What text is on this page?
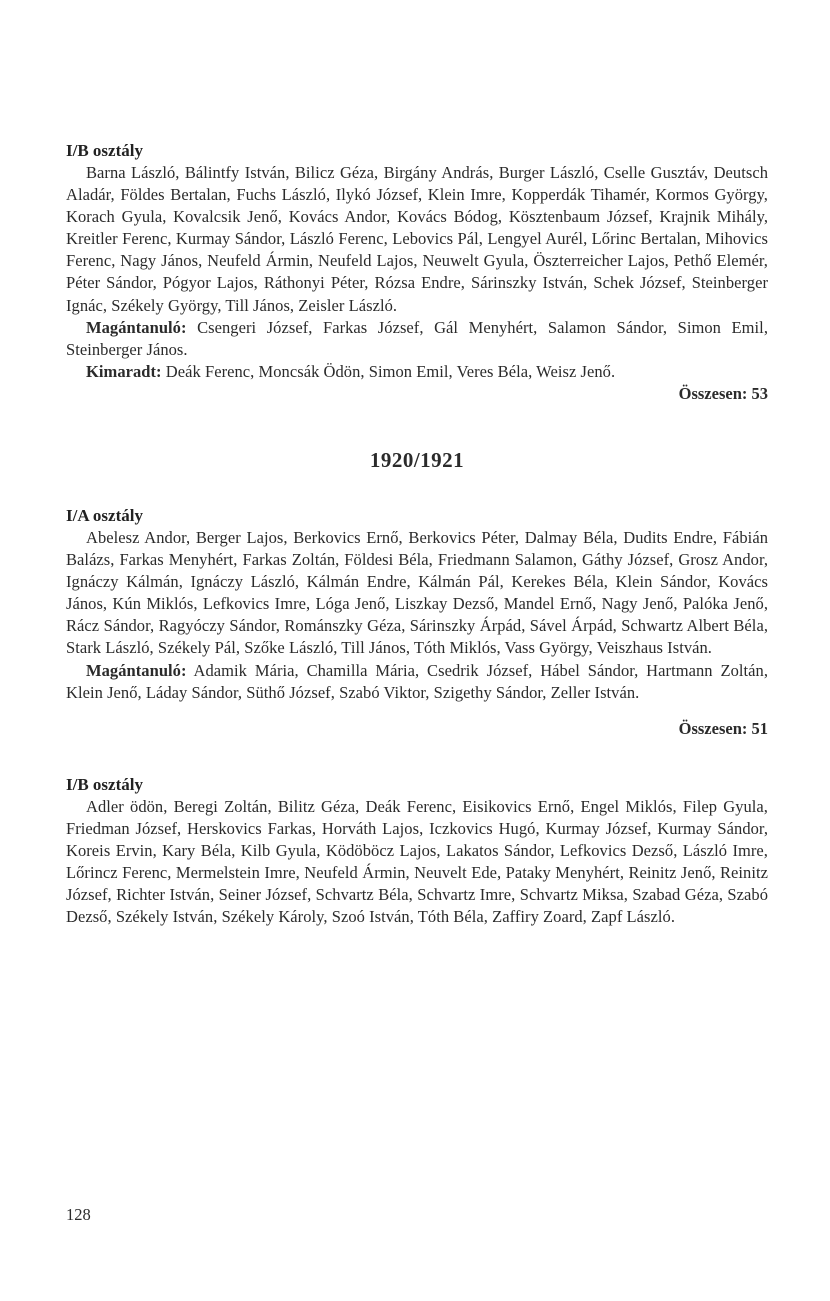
I/B osztály

Barna László, Bálintfy István, Bilicz Géza, Birgány András, Burger László, Cselle Gusztáv, Deutsch Aladár, Földes Bertalan, Fuchs László, Ilykó József, Klein Imre, Kopperdák Tihamér, Kormos György, Korach Gyula, Kovalcsik Jenő, Kovács Andor, Kovács Bódog, Kösztenbaum József, Krajnik Mihály, Kreitler Ferenc, Kurmay Sándor, László Ferenc, Lebovics Pál, Lengyel Aurél, Lőrinc Bertalan, Mihovics Ferenc, Nagy János, Neufeld Ármin, Neufeld Lajos, Neuwelt Gyula, Öszterreicher Lajos, Pethő Elemér, Péter Sándor, Pógyor Lajos, Ráthonyi Péter, Rózsa Endre, Sárinszky István, Schek József, Steinberger Ignác, Székely György, Till János, Zeisler László.

Magántanuló: Csengeri József, Farkas József, Gál Menyhért, Salamon Sándor, Simon Emil, Steinberger János.

Kimaradt: Deák Ferenc, Moncsák Ödön, Simon Emil, Veres Béla, Weisz Jenő.

Összesen: 53

1920/1921
I/A osztály

Abelesz Andor, Berger Lajos, Berkovics Ernő, Berkovics Péter, Dalmay Béla, Dudits Endre, Fábián Balázs, Farkas Menyhért, Farkas Zoltán, Földesi Béla, Friedmann Salamon, Gáthy József, Grosz Andor, Ignáczy Kálmán, Ignáczy László, Kálmán Endre, Kálmán Pál, Kerekes Béla, Klein Sándor, Kovács János, Kún Miklós, Lefkovics Imre, Lóga Jenő, Liszkay Dezső, Mandel Ernő, Nagy Jenő, Palóka Jenő, Rácz Sándor, Ragyóczy Sándor, Románszky Géza, Sárinszky Árpád, Sável Árpád, Schwartz Albert Béla, Stark László, Székely Pál, Szőke László, Till János, Tóth Miklós, Vass György, Veiszhaus István.

Magántanuló: Adamik Mária, Chamilla Mária, Csedrik József, Hábel Sándor, Hartmann Zoltán, Klein Jenő, Láday Sándor, Süthő József, Szabó Viktor, Szigethy Sándor, Zeller István.

Összesen: 51

I/B osztály

Adler ödön, Beregi Zoltán, Bilitz Géza, Deák Ferenc, Eisikovics Ernő, Engel Miklós, Filep Gyula, Friedman József, Herskovics Farkas, Horváth Lajos, Iczkovics Hugó, Kurmay József, Kurmay Sándor, Koreis Ervin, Kary Béla, Kilb Gyula, Ködöböcz Lajos, Lakatos Sándor, Lefkovics Dezső, László Imre, Lőrincz Ferenc, Mermelstein Imre, Neufeld Ármin, Neuvelt Ede, Pataky Menyhért, Reinitz Jenő, Reinitz József, Richter István, Seiner József, Schvartz Béla, Schvartz Imre, Schvartz Miksa, Szabad Géza, Szabó Dezső, Székely István, Székely Károly, Szoó István, Tóth Béla, Zaffiry Zoard, Zapf László.

128
